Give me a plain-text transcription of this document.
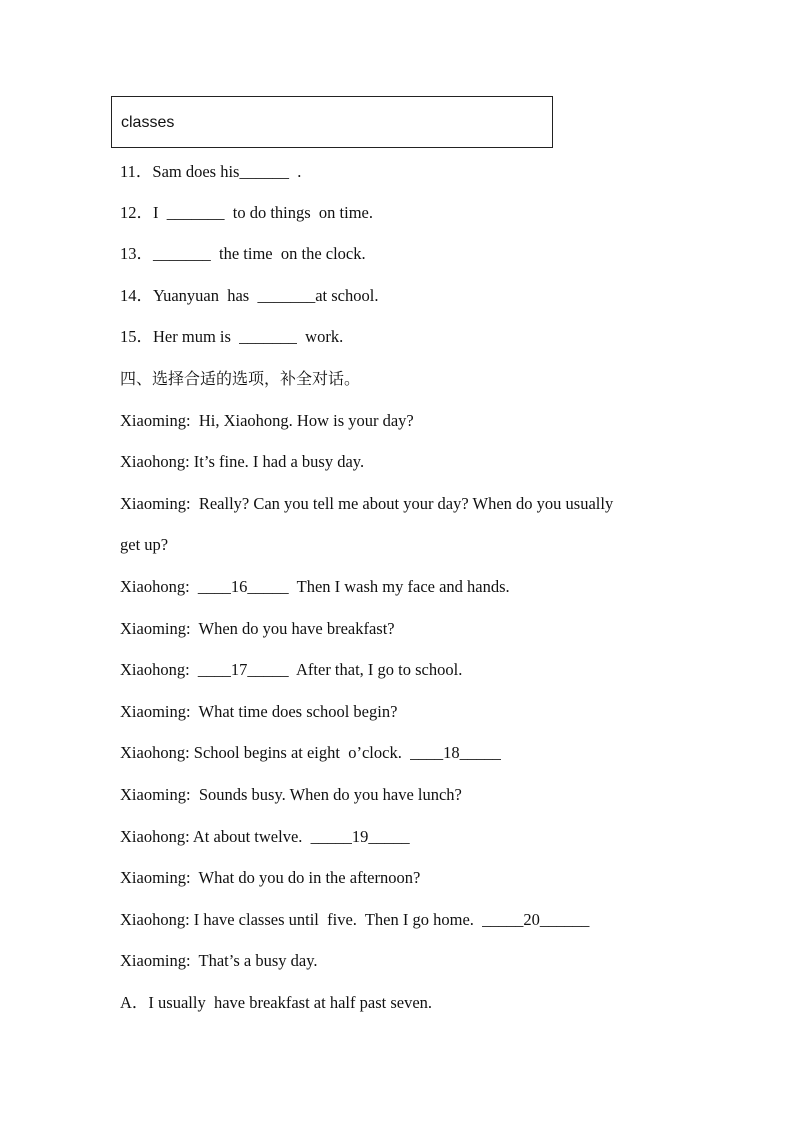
classes
11．Sam does his______  .
12．I  _______  to do things  on time.
13．_______  the time  on the clock.
14．Yuanyuan  has  _______at school.
15．Her mum is  _______  work.
四、选择合适的选项，补全对话。
Xiaoming:  Hi, Xiaohong. How is your day?
Xiaohong: It’s fine. I had a busy day.
Xiaoming:  Really? Can you tell me about your day? When do you usually
get up?
Xiaohong:  ____16_____  Then I wash my face and hands.
Xiaoming:  When do you have breakfast?
Xiaohong:  ____17_____  After that, I go to school.
Xiaoming:  What time does school begin?
Xiaohong: School begins at eight  o’clock.  ____18_____
Xiaoming:  Sounds busy. When do you have lunch?
Xiaohong: At about twelve.  _____19_____
Xiaoming:  What do you do in the afternoon?
Xiaohong: I have classes until  five.  Then I go home.  _____20______
Xiaoming:  That’s a busy day.
A．I usually  have breakfast at half past seven.
